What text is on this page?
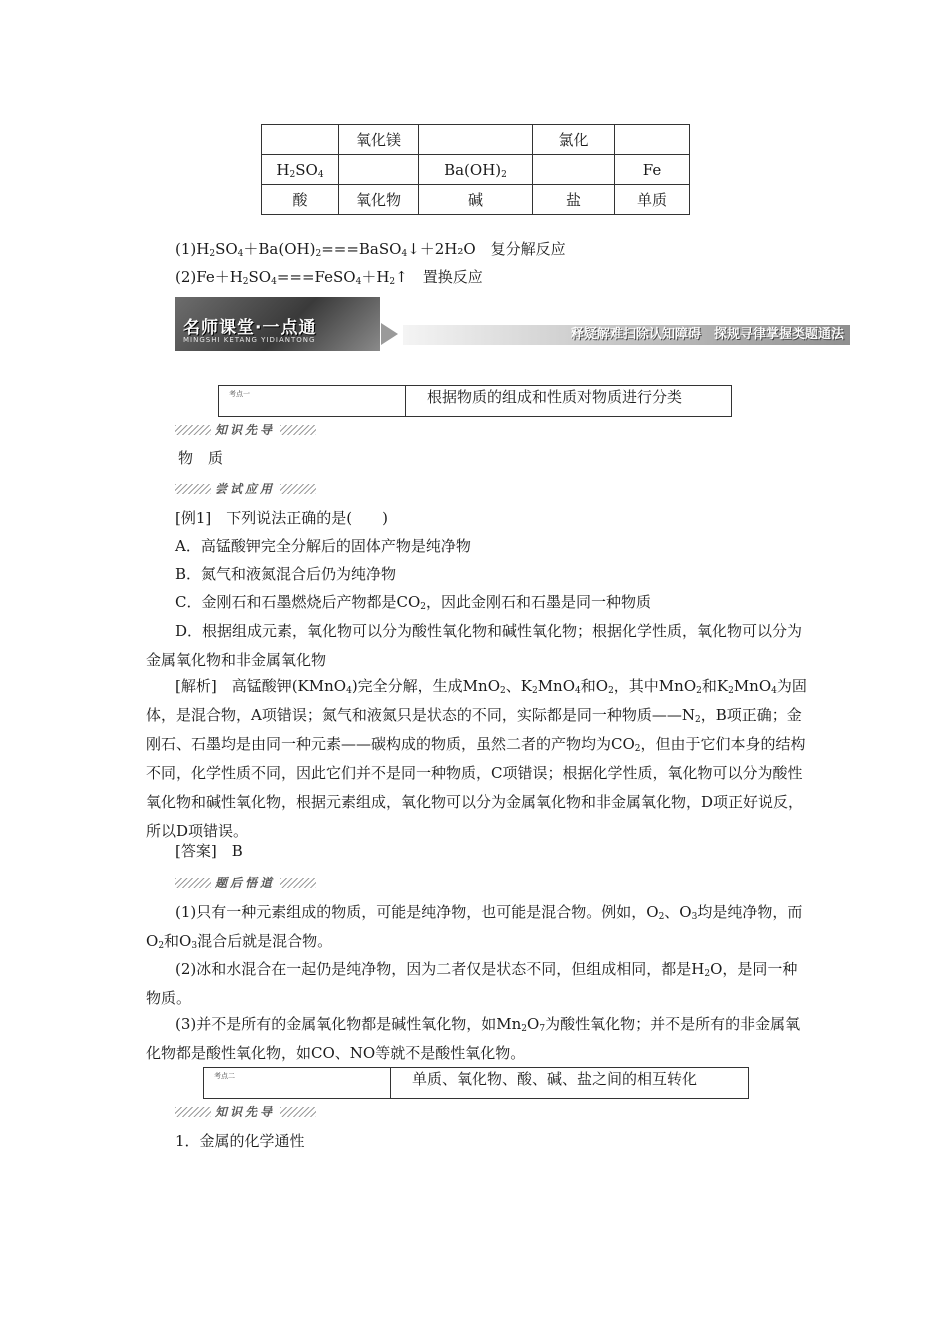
	氧化镁		氯化	
$H_2SO_4$		$Ba(OH)_2$		Fe
酸	氧化物	碱	盐	单质
$(1)H_2SO_4+Ba(OH)_2===BaSO_4↓+2H_2O$　复分解反应
$(2)Fe+H_2SO_4===FeSO_4+H_2↑$　置换反应
名师课堂·一点通
MINGSHI KETANG YIDIANTONG	释疑解难扫除认知障碍　探规寻律掌握类题通法
考点一	根据物质的组成和性质对物质进行分类
知识先导
物　质
尝试应用
[例1]　下列说法正确的是(　　)
A．高锰酸钾完全分解后的固体产物是纯净物
B．氮气和液氮混合后仍为纯净物
C．金刚石和石墨燃烧后产物都是$CO_2$，因此金刚石和石墨是同一种物质
D．根据组成元素，氧化物可以分为酸性氧化物和碱性氧化物；根据化学性质，氧化物可以分为金属氧化物和非金属氧化物
[解析]　高锰酸钾(KMnO$_4$)完全分解，生成MnO$_2$、$K_2MnO_4$和$O_2$，其中MnO$_2$和$K_2MnO_4$为固体，是混合物，A项错误；氮气和液氮只是状态的不同，实际都是同一种物质$——N_2$，B项正确；金刚石、石墨均是由同一种元素——碳构成的物质，虽然二者的产物均为$CO_2$，但由于它们本身的结构不同，化学性质不同，因此它们并不是同一种物质，C项错误；根据化学性质，氧化物可以分为酸性氧化物和碱性氧化物，根据元素组成，氧化物可以分为金属氧化物和非金属氧化物，D项正好说反，所以D项错误。
[答案]　B
题后悟道
(1)只有一种元素组成的物质，可能是纯净物，也可能是混合物。例如，$O_2$、$O_3$均是纯净物，而$O_2$和$O_3$混合后就是混合物。
(2)冰和水混合在一起仍是纯净物，因为二者仅是状态不同，但组成相同，都是$H_2O$，是同一种物质。
(3)并不是所有的金属氧化物都是碱性氧化物，如$Mn_2O_7$为酸性氧化物；并不是所有的非金属氧化物都是酸性氧化物，如CO、NO等就不是酸性氧化物。
考点二	单质、氧化物、酸、碱、盐之间的相互转化
知识先导
1．金属的化学通性
